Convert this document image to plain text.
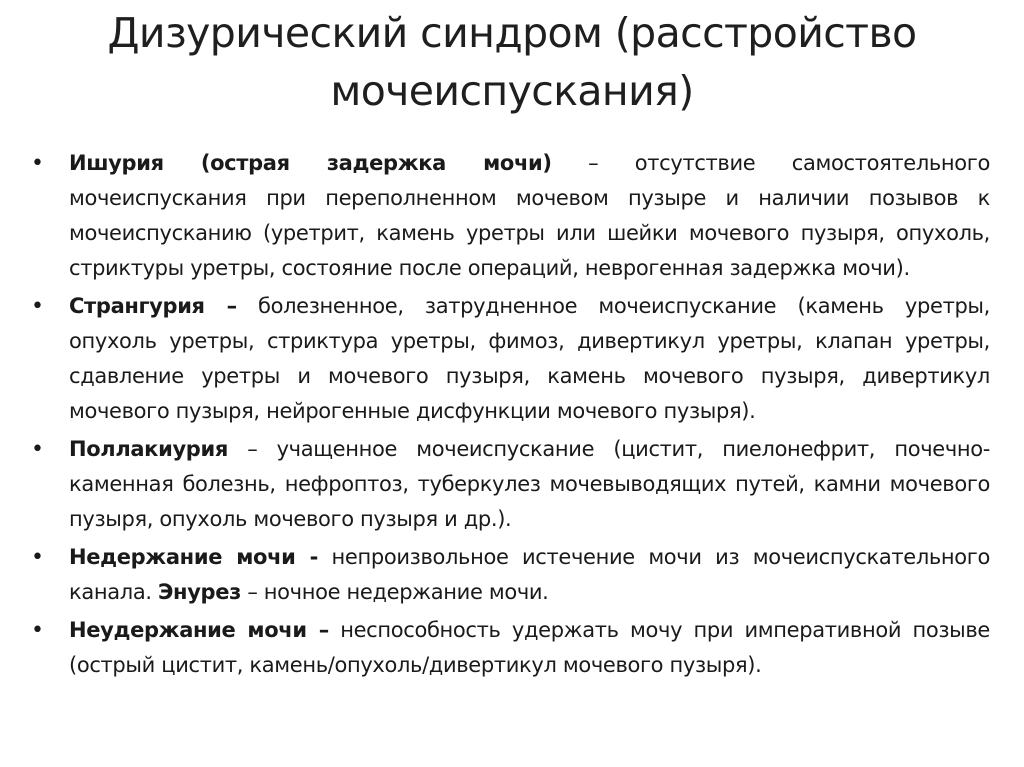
Дизурический синдром (расстройство мочеиспускания)
• Ишурия (острая задержка мочи) – отсутствие самостоятельного мочеиспускания при переполненном мочевом пузыре и наличии позывов к мочеиспусканию (уретрит, камень уретры или шейки мочевого пузыря, опухоль, стриктуры уретры, состояние после операций, неврогенная задержка мочи).
• Странгурия – болезненное, затрудненное мочеиспускание (камень уретры, опухоль уретры, стриктура уретры, фимоз, дивертикул уретры, клапан уретры, сдавление уретры и мочевого пузыря, камень мочевого пузыря, дивертикул мочевого пузыря, нейрогенные дисфункции мочевого пузыря).
• Поллакиурия – учащенное мочеиспускание (цистит, пиелонефрит, почечно-каменная болезнь, нефроптоз, туберкулез мочевыводящих путей, камни мочевого пузыря, опухоль мочевого пузыря и др.).
• Недержание мочи - непроизвольное истечение мочи из мочеиспускательного канала. Энурез – ночное недержание мочи.
• Неудержание мочи – неспособность удержать мочу при императивной позыве (острый цистит, камень/опухоль/дивертикул мочевого пузыря).
